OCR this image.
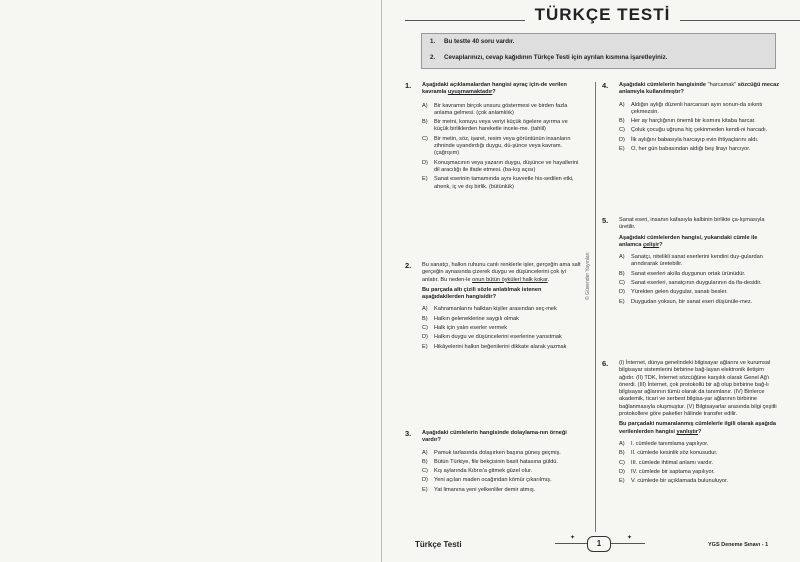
TÜRKÇE TESTİ
1. Bu testte 40 soru vardır.
2. Cevaplarınızı, cevap kağıdının Türkçe Testi için ayrılan kısmına işaretleyiniz.
© Güvender Yayınları
1. Aşağıdaki açıklamalardan hangisi ayraç için-de verilen kavramla uyuşmamaktadır?
A)	Bir kavramın birçok unsuru göstermesi ve birden fazla anlama gelmesi. (çok anlamlılık)
B)	Bir metni, konuyu veya veriyi küçük ögelere ayırma ve küçük birliklerden hareketle incele-me. (tahlil)
C)	Bir metin, söz, işaret, resim veya görüntünün insanların zihninde uyandırdığı duygu, dü-şünce veya kavram. (çağrışım)
D)	Konuşmacının veya yazarın duygu, düşünce ve hayallerini dil aracılığı ile ifade etmesi. (ba-kış açısı)
E)	Sanat eserinin tamamında aynı kuvvetle his-sedilen etki, ahenk, iç ve dış birlik. (bütünlük)
2. Bu sanatçı, halkın ruhunu canlı renklerle işler, gerçeğin ama salt gerçeğin aynasında çizerek duygu ve düşüncelerini çok iyi anlatır. Bu neden-le onun bütün öykülerl halk kokar.
Bu parçada altı çizili sözle anlatılmak istenen aşağıdakilerden hangisidir?
A)	Kahramanlarını halktan kişiler arasından seç-mek
B)	Halkın geleneklerine saygılı olmak
C)	Halk için yalın eserler vermek
D)	Halkın duygu ve düşüncelerini eserlerine yansıtmak
E)	Hikâyelerini halkın beğenilerini dikkate alarak yazmak
3. Aşağıdaki cümlelerin hangisinde dolaylama-nın örneği vardır?
A)	Pamuk tarlasında dolaşırken başına güneş geçmiş.
B)	Bütün Türkiye, file bekçisinin basit hatasına güldü.
C)	Kış aylarında Kıbrıs'a gitmek güzel olur.
D)	Yeni açılan maden ocağından kömür çıkarılmış.
E)	Yat limanına yeni yelkenliler demir atmış.
4. Aşağıdaki cümlelerin hangisinde "harcamak" sözcüğü mecaz anlamıyla kullanılmıştır?
A)	Aldığın aylığı düzenli harcarsan ayın sonun-da sıkıntı çekmezsin.
B)	Her ay harçlığının önemli bir kısmını kitaba harcar.
C)	Çoluk çocuğu uğruna hiç çekinmeden kendi-ni harcadı.
D)	İlk aylığını babasıyla harcayıp evin ihtiyaçlarını aldı.
E)	O, her gün babasından aldığı beş lirayı harcıyor.
5. Sanat eseri, insanın kafasıyla kalbinin birlikte ça-lışmasıyla üretilir.
Aşağıdaki cümlelerden hangisi, yukarıdaki cümle ile anlamca çelişir?
A)	Sanatçı, nitelikli sanat eserlerini kendini duy-gulardan arındırarak üretebilir.
B)	Sanat eserleri akılla duygunun ortak ürünüdür.
C)	Sanat eserleri, sanatçının duygularının da ifa-desidir.
D)	Yürekten gelen duygular, sanatı besler.
E)	Duygudan yoksun, bir sanat eseri düşünüle-mez.
6. (I) İnternet, dünya genelindeki bilgisayar ağlarını ve kurumsal bilgisayar sistemlerini birbirine bağ-layan elektronik iletişim ağıdır. (II) TDK, İnternet sözcüğüne karşılık olarak Genel Ağ'ı önerdi. (III) İnternet, çok protokollü bir ağ olup birbirine bağ-lı bilgisayar ağlarının tümü olarak da tanımlanır. (IV) Binlerce akademik, ticari ve serbest bilgisa-yar ağlarının birbirine bağlanmasıyla oluşmuştur. (V) Bilgisayarlar arasında bilgi çeşitli protokollere göre paketler hâlinde transfer edilir.
Bu parçadaki numaralanmış cümlelerle ilgili olarak aşağıda verilenlerden hangisi yanlıştır?
A)	I. cümlede tanımlama yapılıyor.
B)	II. cümlede kesinlik söz konusudur.
C)	III. cümlede ihtimal anlamı vardır.
D)	IV. cümlede bir saptama yapılıyor.
E)	V. cümlede bir açıklamada bulunuluyor.
Türkçe Testi
✦	✦
1	YGS Deneme Sınavı - 1
